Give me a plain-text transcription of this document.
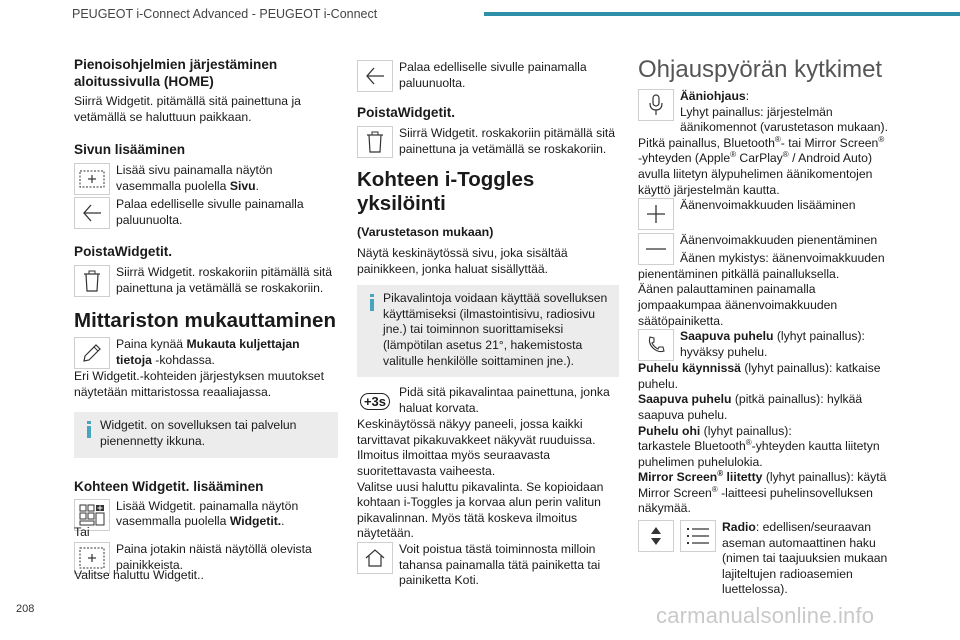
PEUGEOT i-Connect Advanced - PEUGEOT i-Connect
Pienoisohjelmien järjestäminen aloitussivulla (HOME)

Siirrä Widgetit. pitämällä sitä painettuna ja vetämällä se haluttuun paikkaan.

Sivun lisääminen
Lisää sivu painamalla näytön vasemmalla puolella Sivu.
Palaa edelliselle sivulle painamalla paluunuolta.
PoistaWidgetit.
Siirrä Widgetit. roskakoriin pitämällä sitä painettuna ja vetämällä se roskakoriin.
Mittariston mukauttaminen
Paina kynää Mukauta kuljettajan tietoja -kohdassa.

Eri Widgetit.-kohteiden järjestyksen muutokset näytetään mittaristossa reaaliajassa.

Widgetit. on sovelluksen tai palvelun pienennetty ikkuna.
Kohteen Widgetit. lisääminen
Lisää Widgetit. painamalla näytön vasemmalla puolella Widgetit..

Tai

Paina jotakin näistä näytöllä olevista painikkeista.

Valitse haluttu Widgetit..

Palaa edelliselle sivulle painamalla paluunuolta.
PoistaWidgetit.
Siirrä Widgetit. roskakoriin pitämällä sitä painettuna ja vetämällä se roskakoriin.
Kohteen i-Toggles yksilöinti
(Varustetason mukaan)

Näytä keskinäytössä sivu, joka sisältää painikkeen, jonka haluat sisällyttää.

Pikavalintoja voidaan käyttää sovelluksen käyttämiseksi (ilmastointisivu, radiosivu jne.) tai toiminnon suorittamiseksi (lämpötilan asetus 21°, hakemistosta valitulle henkilölle soittaminen jne.).
+3s
Pidä sitä pikavalintaa painettuna, jonka haluat korvata.

Keskinäytössä näkyy paneeli, jossa kaikki tarvittavat pikakuvakkeet näkyvät ruuduissa. Ilmoitus ilmoittaa myös seuraavasta suoritettavasta vaiheesta.

Valitse uusi haluttu pikavalinta. Se kopioidaan kohtaan i-Toggles ja korvaa alun perin valitun pikavalinnan. Myös tätä koskeva ilmoitus näytetään.

Voit poistua tästä toiminnosta milloin tahansa painamalla tätä painiketta tai painiketta Koti.
Ohjauspyörän kytkimet
Ääniohjaus:
Lyhyt painallus: järjestelmän äänikomennot (varustetason mukaan).

Pitkä painallus, Bluetooth®- tai Mirror Screen® -yhteyden (Apple® CarPlay® / Android Auto) avulla liitetyn älypuhelimen äänikomentojen käyttö järjestelmän kautta.

Äänenvoimakkuuden lisääminen
Äänenvoimakkuuden pienentäminen

Äänen mykistys: äänenvoimakkuuden pienentäminen pitkällä painalluksella.

Äänen palauttaminen painamalla jompaakumpaa äänenvoimakkuuden säätöpainiketta.

Saapuva puhelu (lyhyt painallus):
hyväksy puhelu.

Puhelu käynnissä (lyhyt painallus): katkaise puhelu.

Saapuva puhelu (pitkä painallus): hylkää saapuva puhelu.

Puhelu ohi (lyhyt painallus):
tarkastele Bluetooth®-yhteyden kautta liitetyn puhelimen puhelulokia.

Mirror Screen® liitetty (lyhyt painallus): käytä Mirror Screen® -laitteesi puhelinsovelluksen näkymää.

Radio: edellisen/seuraavan aseman automaattinen haku (nimen tai taajuuksien mukaan lajiteltujen radioasemien luettelossa).
208	carmanualsonline.info
